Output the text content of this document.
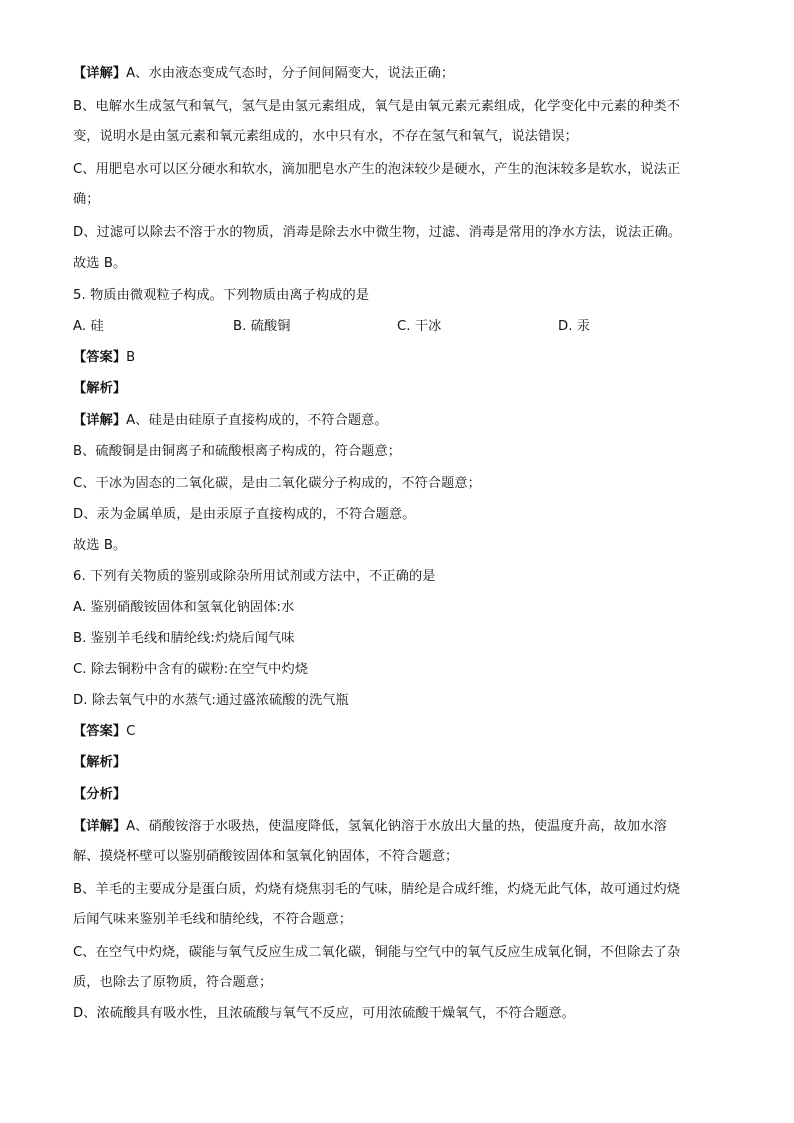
【详解】A、水由液态变成气态时，分子间间隔变大，说法正确；
B、电解水生成氢气和氧气，氢气是由氢元素组成，氧气是由氧元素元素组成，化学变化中元素的种类不
变，说明水是由氢元素和氧元素组成的，水中只有水，不存在氢气和氧气，说法错误；
C、用肥皂水可以区分硬水和软水，滴加肥皂水产生的泡沫较少是硬水，产生的泡沫较多是软水，说法正
确；
D、过滤可以除去不溶于水的物质，消毒是除去水中微生物，过滤、消毒是常用的净水方法，说法正确。
故选 B。
5. 物质由微观粒子构成。下列物质由离子构成的是
A. 硅	B. 硫酸铜	C. 干冰	D. 汞
【答案】B
【解析】
【详解】A、硅是由硅原子直接构成的，不符合题意。
B、硫酸铜是由铜离子和硫酸根离子构成的，符合题意；
C、干冰为固态的二氧化碳，是由二氧化碳分子构成的，不符合题意；
D、汞为金属单质，是由汞原子直接构成的，不符合题意。
故选 B。
6. 下列有关物质的鉴别或除杂所用试剂或方法中，不正确的是
A. 鉴别硝酸铵固体和氢氧化钠固体:水
B. 鉴别羊毛线和腈纶线:灼烧后闻气味
C. 除去铜粉中含有的碳粉:在空气中灼烧
D. 除去氧气中的水蒸气:通过盛浓硫酸的洗气瓶
【答案】C
【解析】
【分析】
【详解】A、硝酸铵溶于水吸热，使温度降低，氢氧化钠溶于水放出大量的热，使温度升高，故加水溶
解、摸烧杯壁可以鉴别硝酸铵固体和氢氧化钠固体，不符合题意；
B、羊毛的主要成分是蛋白质，灼烧有烧焦羽毛的气味，腈纶是合成纤维，灼烧无此气体，故可通过灼烧
后闻气味来鉴别羊毛线和腈纶线，不符合题意；
C、在空气中灼烧，碳能与氧气反应生成二氧化碳，铜能与空气中的氧气反应生成氧化铜，不但除去了杂
质，也除去了原物质，符合题意；
D、浓硫酸具有吸水性，且浓硫酸与氧气不反应，可用浓硫酸干燥氧气，不符合题意。
